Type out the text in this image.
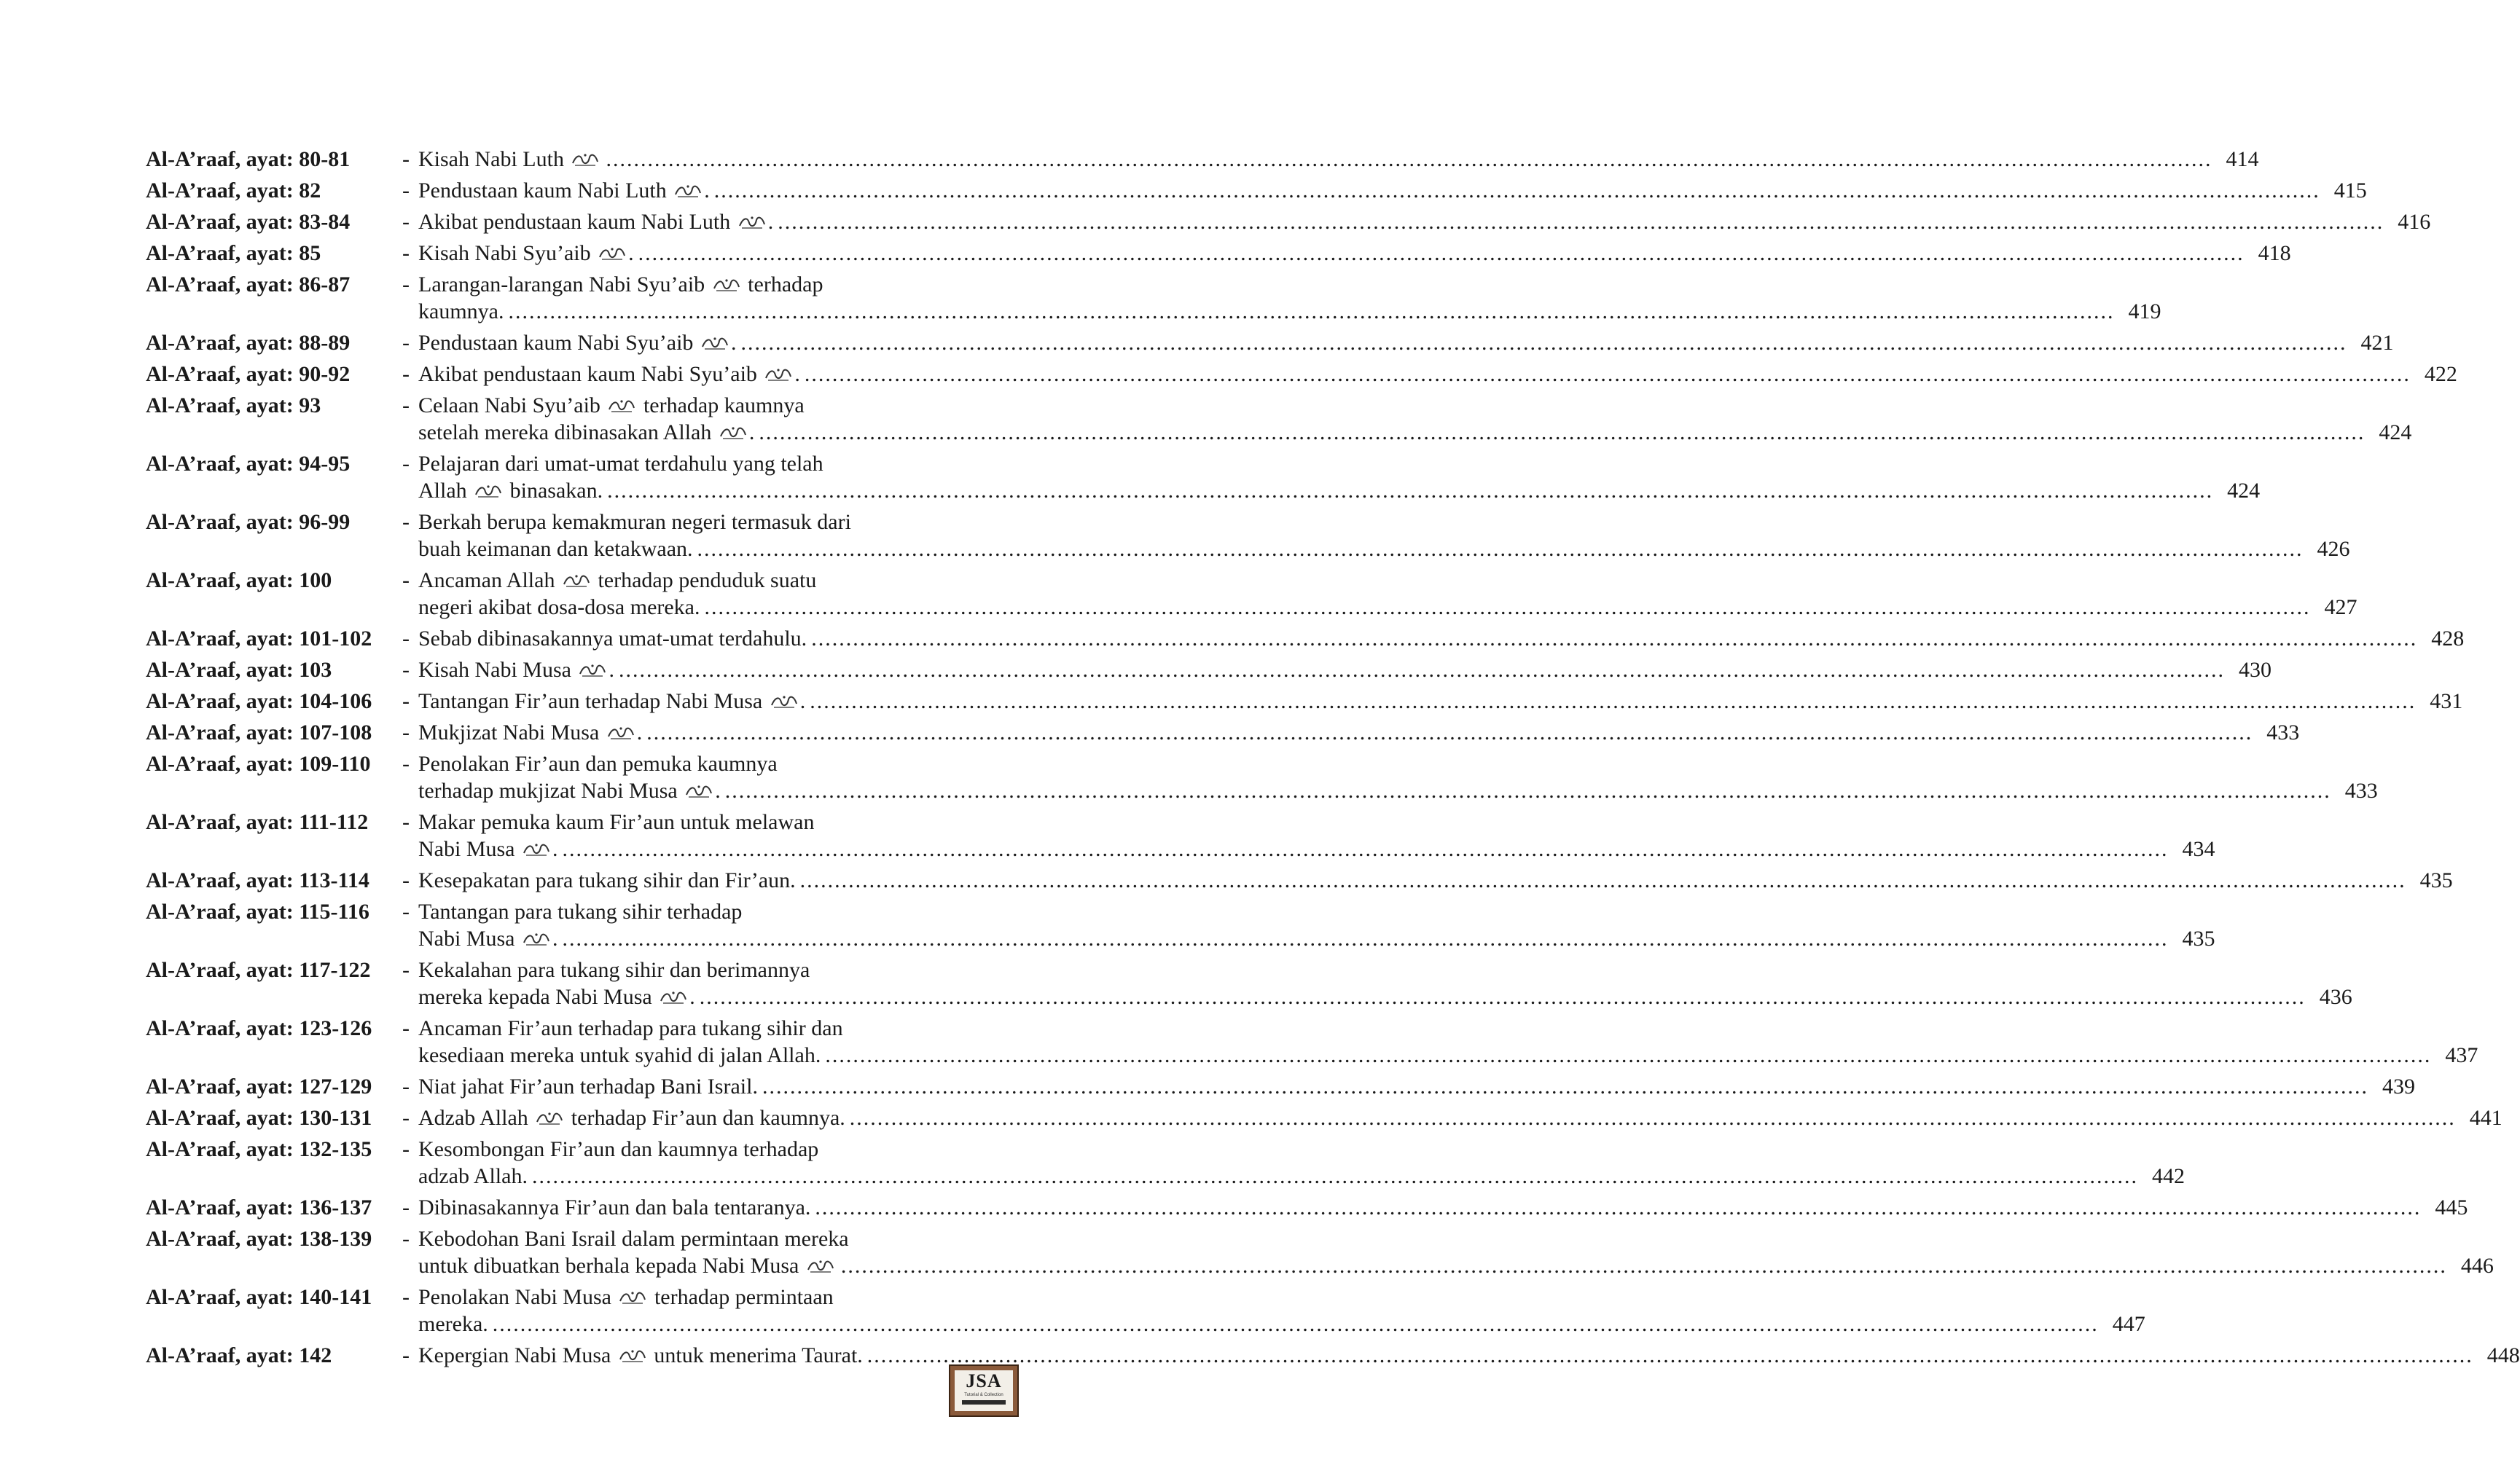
Al-A’raaf, ayat: 80-81	- Kisah Nabi Luth .....	414
Al-A’raaf, ayat: 82	- Pendustaan kaum Nabi Luth
. .....	415
Al-A’raaf, ayat: 83-84	- Akibat pendustaan kaum Nabi Luth
. .....	416
Al-A’raaf, ayat: 85	- Kisah Nabi Syu’aib
. .....	418
Al-A’raaf, ayat: 86-87	- Larangan-larangan Nabi Syu’aib
terhadap
kaumnya. .....	419
Al-A’raaf, ayat: 88-89	- Pendustaan kaum Nabi Syu’aib
. .....	421
Al-A’raaf, ayat: 90-92	- Akibat pendustaan kaum Nabi Syu’aib
. .....	422
Al-A’raaf, ayat: 93	- Celaan Nabi Syu’aib
terhadap kaumnya
setelah mereka dibinasakan Allah
. .....	424
Al-A’raaf, ayat: 94-95	- Pelajaran dari umat-umat terdahulu yang telah
Allah
binasakan. .....	424
Al-A’raaf, ayat: 96-99	- Berkah berupa kemakmuran negeri termasuk dari
buah keimanan dan ketakwaan. .....	426
Al-A’raaf, ayat: 100	- Ancaman Allah
terhadap penduduk suatu
negeri akibat dosa-dosa mereka. .....	427
Al-A’raaf, ayat: 101-102	- Sebab dibinasakannya umat-umat terdahulu. .....	428
Al-A’raaf, ayat: 103	- Kisah Nabi Musa
. .....	430
Al-A’raaf, ayat: 104-106	- Tantangan Fir’aun terhadap Nabi Musa
. .....	431
Al-A’raaf, ayat: 107-108	- Mukjizat Nabi Musa
. .....	433
Al-A’raaf, ayat: 109-110	- Penolakan Fir’aun dan pemuka kaumnya
terhadap mukjizat Nabi Musa
. .....	433
Al-A’raaf, ayat: 111-112	- Makar pemuka kaum Fir’aun untuk melawan
Nabi Musa
. .....	434
Al-A’raaf, ayat: 113-114	- Kesepakatan para tukang sihir dan Fir’aun. .....	435
Al-A’raaf, ayat: 115-116	- Tantangan para tukang sihir terhadap
Nabi Musa
. .....	435
Al-A’raaf, ayat: 117-122	- Kekalahan para tukang sihir dan berimannya
mereka kepada Nabi Musa
. .....	436
Al-A’raaf, ayat: 123-126	- Ancaman Fir’aun terhadap para tukang sihir dan
kesediaan mereka untuk syahid di jalan Allah. .....	437
Al-A’raaf, ayat: 127-129	- Niat jahat Fir’aun terhadap Bani Israil. .....	439
Al-A’raaf, ayat: 130-131	- Adzab Allah
terhadap Fir’aun dan kaumnya. .....	441
Al-A’raaf, ayat: 132-135	- Kesombongan Fir’aun dan kaumnya terhadap
adzab Allah. .....	442
Al-A’raaf, ayat: 136-137	- Dibinasakannya Fir’aun dan bala tentaranya. .....	445
Al-A’raaf, ayat: 138-139	- Kebodohan Bani Israil dalam permintaan mereka
untuk dibuatkan berhala kepada Nabi Musa .....	446
Al-A’raaf, ayat: 140-141	- Penolakan Nabi Musa
terhadap permintaan
mereka. .....	447
Al-A’raaf, ayat: 142	- Kepergian Nabi Musa
untuk menerima Taurat. .....	448
JSA
Tutorial & Collection
